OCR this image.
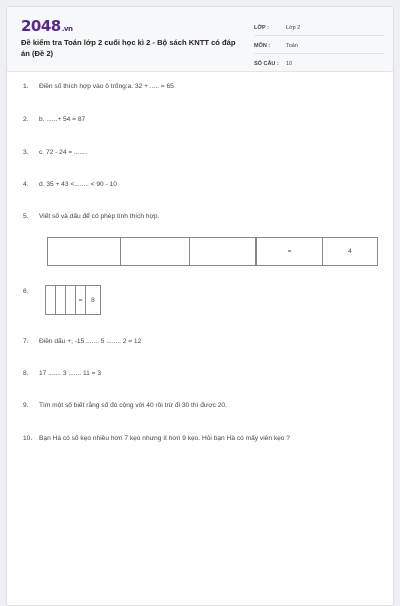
2048.vn
Đề kiểm tra Toán lớp 2 cuối học kì 2 - Bộ sách KNTT có đáp án (Đề 2)
LỚP :	Lớp 2
MÔN :	Toán
SỐ CÂU :	10
1. Điền số thích hợp vào ô trống:a. 32 + ..... = 65
2. b. ......+ 54 = 87
3. c. 72 - 24 = .......
4. d. 35 + 43 <........ < 90 - 10
5. Viết số và dấu để có phép tính thích hợp.
				=	4
6.
			=	8
7. Điền dấu +; -15 ....... 5 ........ 2 = 12
8. 17 ....... 3 ....... 11 = 3
9. Tìm một số biết rằng số đó cộng với 40 rồi trừ đi 30 thì được 20.
10. Bạn Hà có số kẹo nhiều hơn 7 kẹo nhưng ít hơn 9 kẹo. Hỏi bạn Hà có mấy viên kẹo ?
